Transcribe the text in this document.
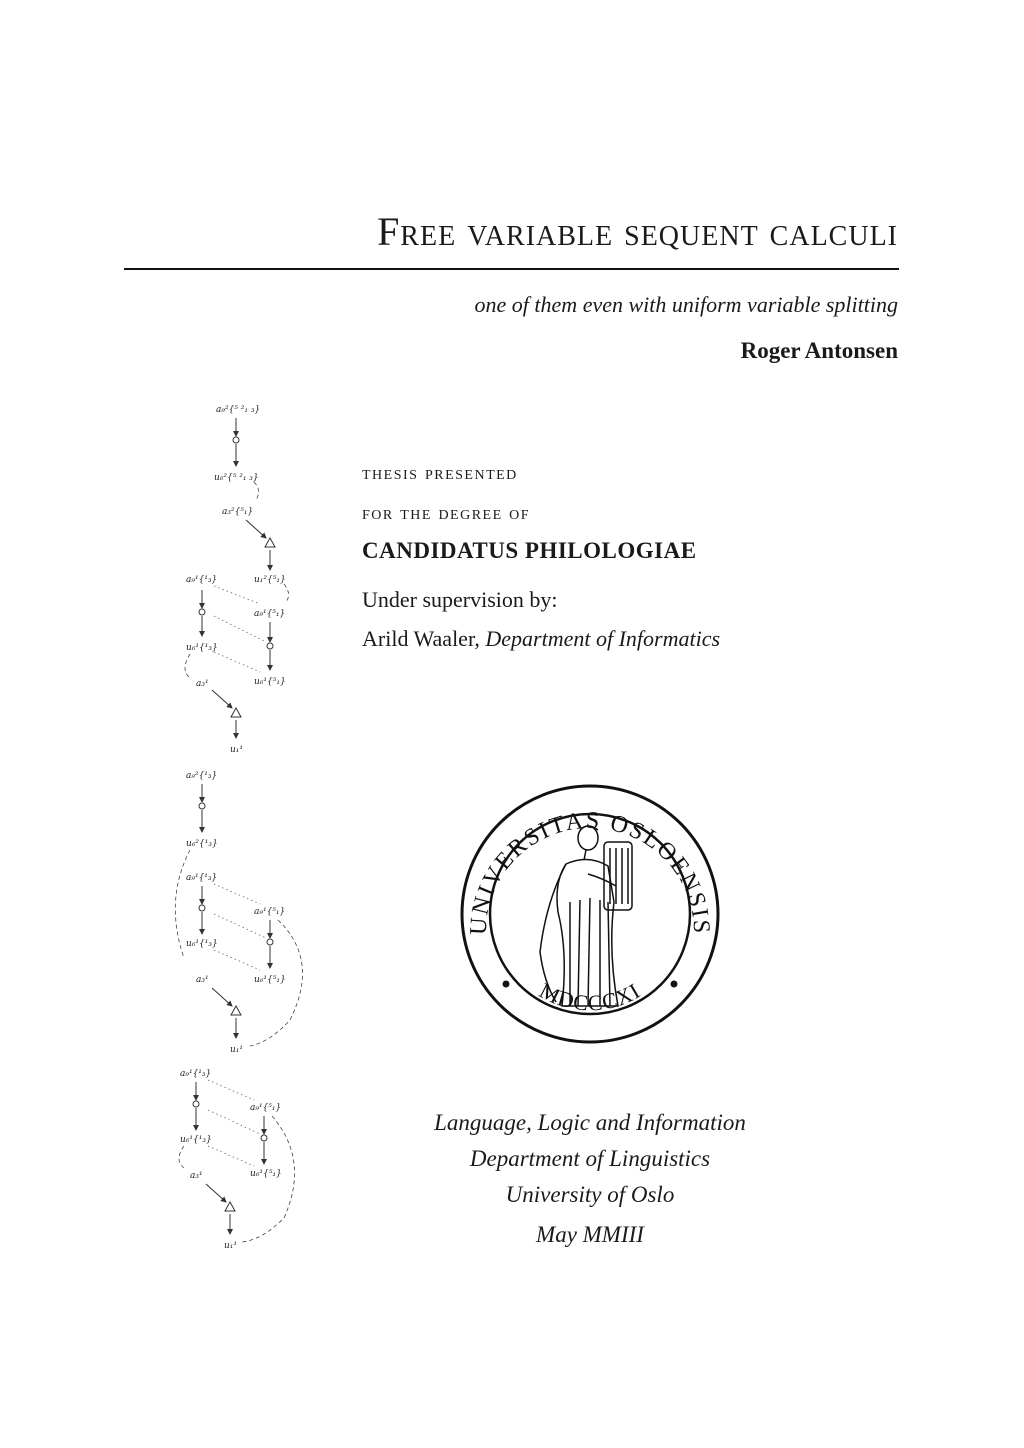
Free variable sequent calculi
one of them even with uniform variable splitting
Roger Antonsen
thesis presented
for the degree of
CANDIDATUS PHILOLOGIAE
Under supervision by:
Arild Waaler, Department of Informatics
UNIVERSITAS OSLOENSIS
MDCCCXI
Language, Logic and Information
Department of Linguistics
University of Oslo
May MMIII
a₉²{⁵ ²₁ ₃}
u₆²{⁵ ²₁ ₃}
a₃²{⁵₁}
a₉¹{¹₃}	u₁²{⁵₁}
a₉¹{⁵₁}
u₆¹{¹₃}
a₃¹	u₆¹{⁵₁}
u₁¹
a₉²{¹₃}
u₆²{¹₃}
a₉¹{¹₃}
a₉¹{⁵₁}
u₆¹{¹₃}
a₃¹	u₆¹{⁵₁}
u₁¹
a₉¹{¹₃}
a₉¹{⁵₁}
u₆¹{¹₃}
a₃¹	u₆¹{⁵₁}
u₁¹
